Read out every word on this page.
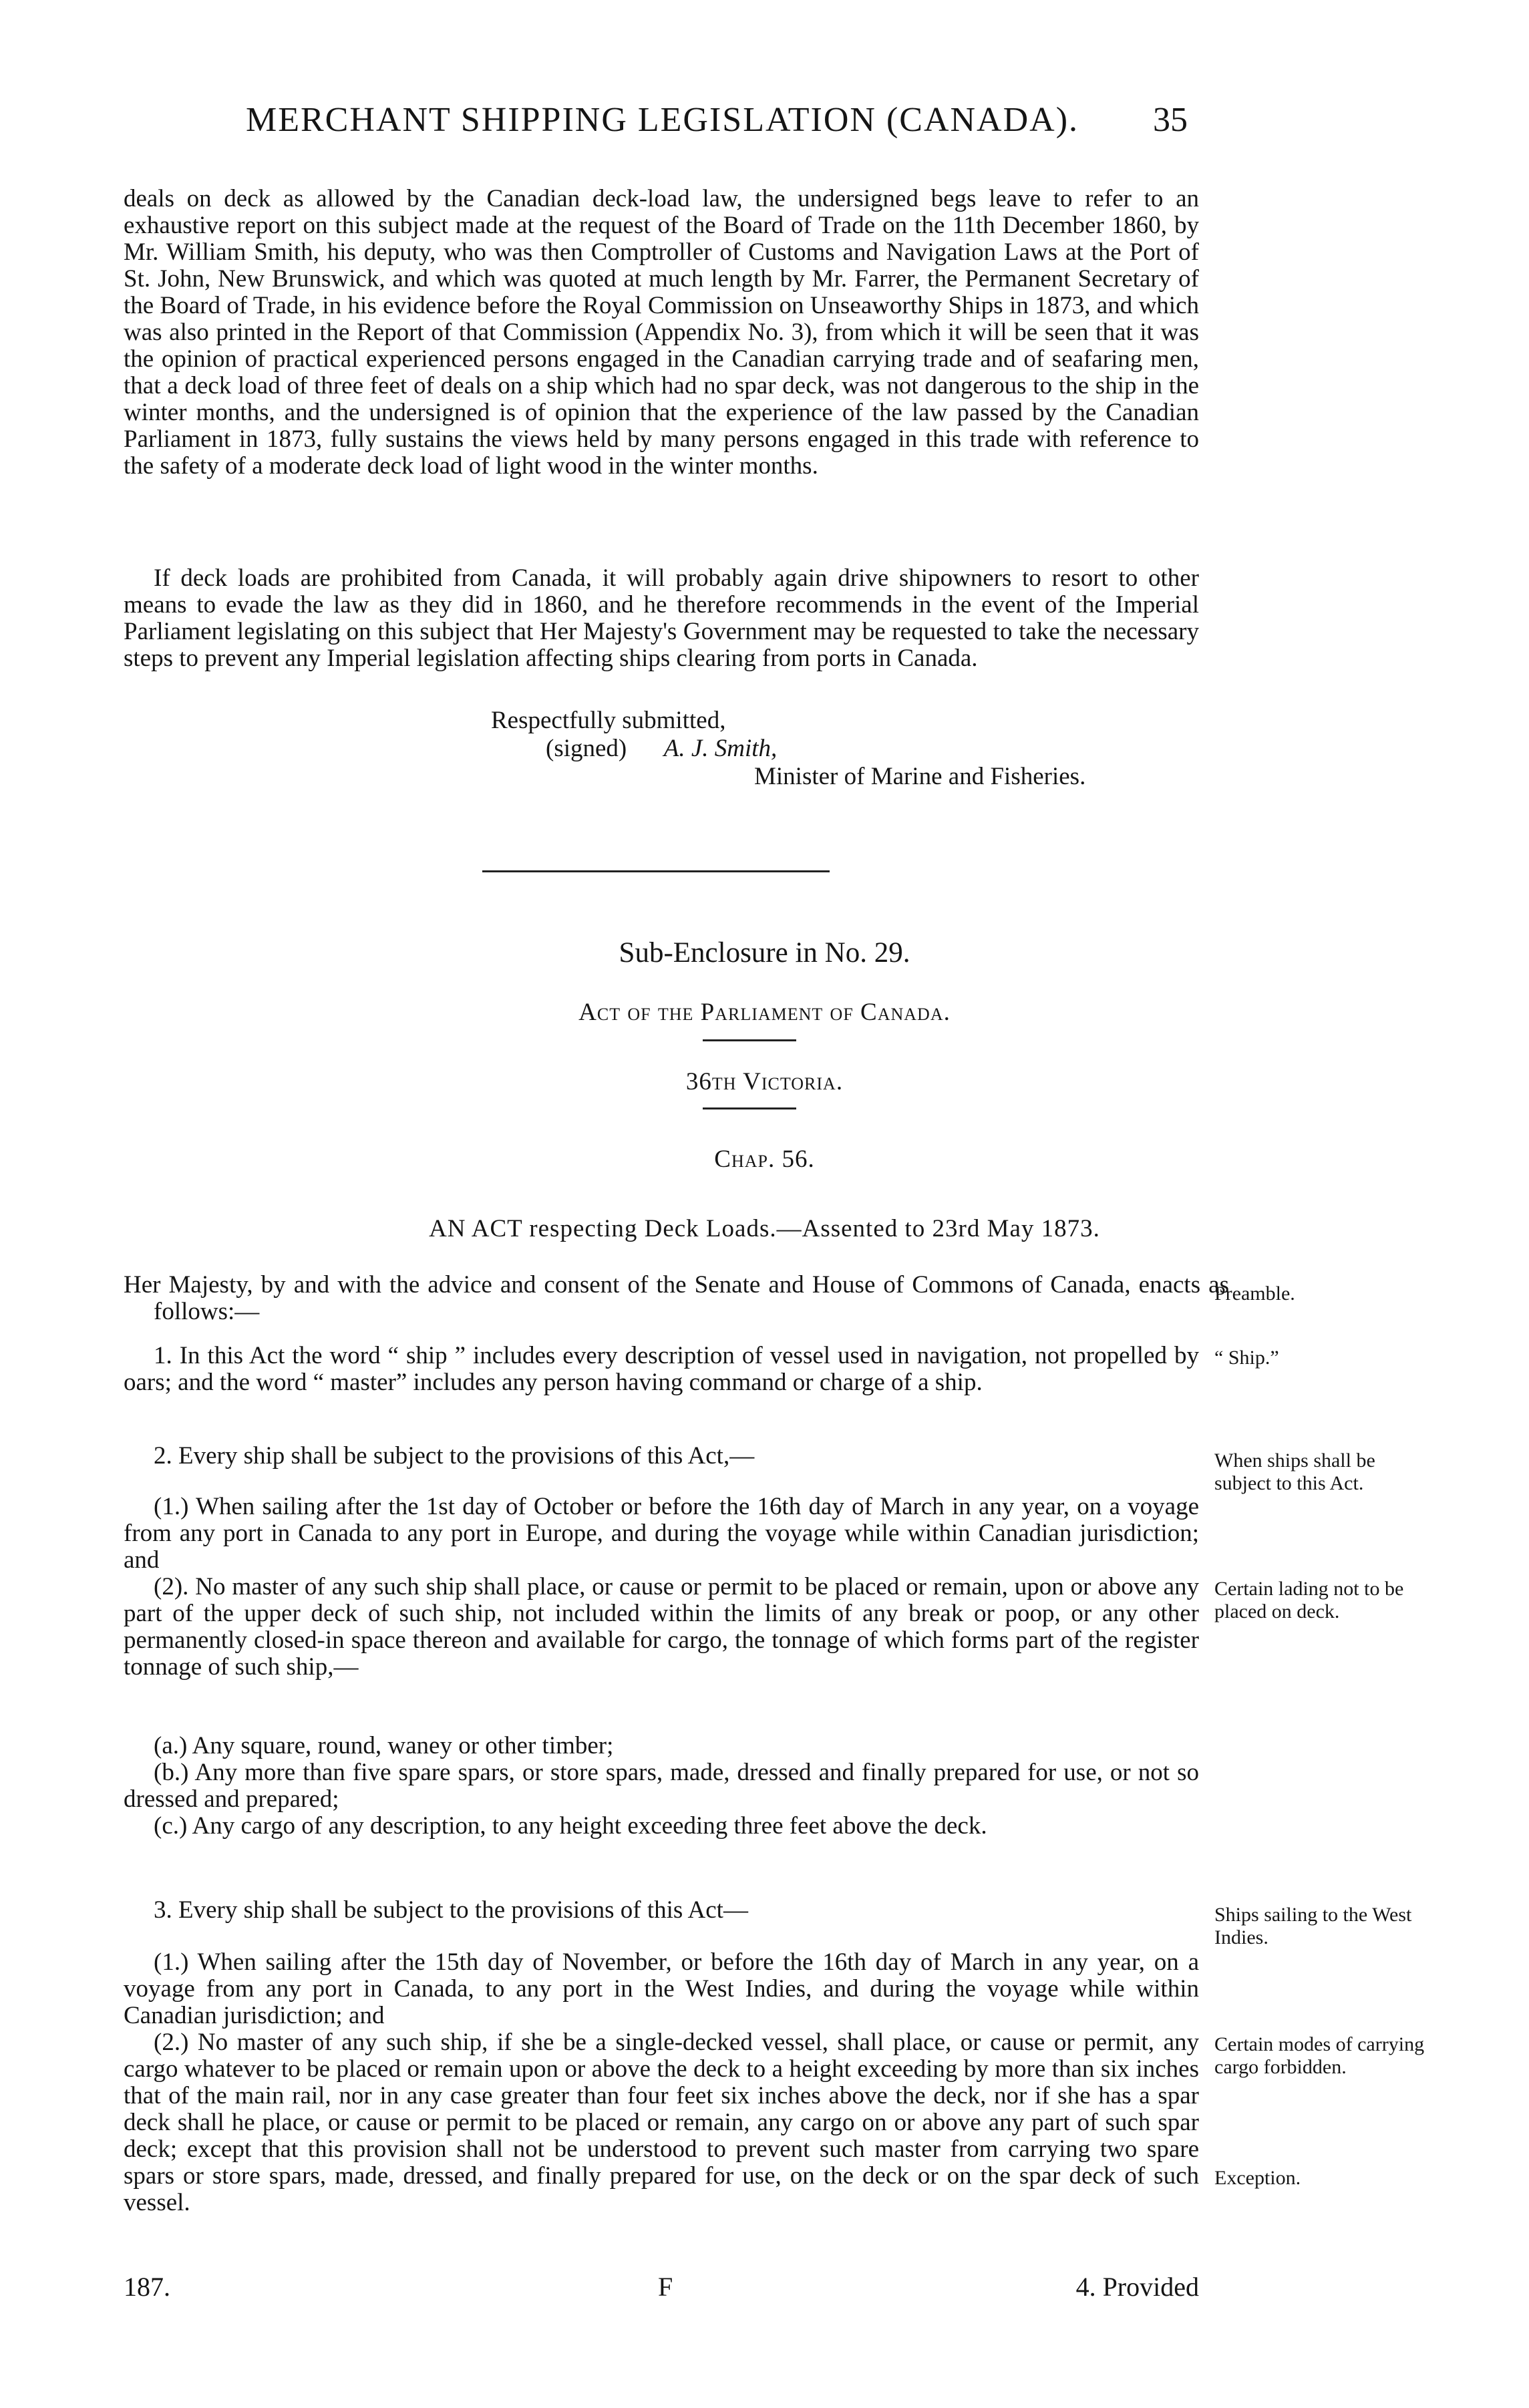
MERCHANT SHIPPING LEGISLATION (CANADA). 35

deals on deck as allowed by the Canadian deck-load law, the undersigned begs leave to refer to an exhaustive report on this subject made at the request of the Board of Trade on the 11th December 1860, by Mr. William Smith, his deputy, who was then Comptroller of Customs and Navigation Laws at the Port of St. John, New Brunswick, and which was quoted at much length by Mr. Farrer, the Permanent Secretary of the Board of Trade, in his evidence before the Royal Commission on Unseaworthy Ships in 1873, and which was also printed in the Report of that Commission (Appendix No. 3), from which it will be seen that it was the opinion of practical experienced persons engaged in the Canadian carrying trade and of seafaring men, that a deck load of three feet of deals on a ship which had no spar deck, was not dangerous to the ship in the winter months, and the undersigned is of opinion that the experience of the law passed by the Canadian Parliament in 1873, fully sustains the views held by many persons engaged in this trade with reference to the safety of a moderate deck load of light wood in the winter months.

If deck loads are prohibited from Canada, it will probably again drive shipowners to resort to other means to evade the law as they did in 1860, and he therefore recommends in the event of the Imperial Parliament legislating on this subject that Her Majesty's Government may be requested to take the necessary steps to prevent any Imperial legislation affecting ships clearing from ports in Canada.

Respectfully submitted,
(signed) A. J. Smith,
Minister of Marine and Fisheries.
Sub-Enclosure in No. 29.
Act of the Parliament of Canada.
36th Victoria.
Chap. 56.
AN ACT respecting Deck Loads.—Assented to 23rd May 1873.

Her Majesty, by and with the advice and consent of the Senate and House of Commons of Canada, enacts as follows:—

1. In this Act the word “ ship ” includes every description of vessel used in navigation, not propelled by oars; and the word “ master” includes any person having command or charge of a ship.

2. Every ship shall be subject to the provisions of this Act,—

(1.) When sailing after the 1st day of October or before the 16th day of March in any year, on a voyage from any port in Canada to any port in Europe, and during the voyage while within Canadian jurisdiction; and

(2). No master of any such ship shall place, or cause or permit to be placed or remain, upon or above any part of the upper deck of such ship, not included within the limits of any break or poop, or any other permanently closed-in space thereon and available for cargo, the tonnage of which forms part of the register tonnage of such ship,—

(a.) Any square, round, waney or other timber;

(b.) Any more than five spare spars, or store spars, made, dressed and finally prepared for use, or not so dressed and prepared;

(c.) Any cargo of any description, to any height exceeding three feet above the deck.

3. Every ship shall be subject to the provisions of this Act—

(1.) When sailing after the 15th day of November, or before the 16th day of March in any year, on a voyage from any port in Canada, to any port in the West Indies, and during the voyage while within Canadian jurisdiction; and

(2.) No master of any such ship, if she be a single-decked vessel, shall place, or cause or permit, any cargo whatever to be placed or remain upon or above the deck to a height exceeding by more than six inches that of the main rail, nor in any case greater than four feet six inches above the deck, nor if she has a spar deck shall he place, or cause or permit to be placed or remain, any cargo on or above any part of such spar deck; except that this provision shall not be understood to prevent such master from carrying two spare spars or store spars, made, dressed, and finally prepared for use, on the deck or on the spar deck of such vessel.

Preamble.

“ Ship.”

When ships shall be subject to this Act.

Certain lading not to be placed on deck.

Ships sailing to the West Indies.

Certain modes of carrying cargo forbidden.

Exception.

187.	F	4. Provided
